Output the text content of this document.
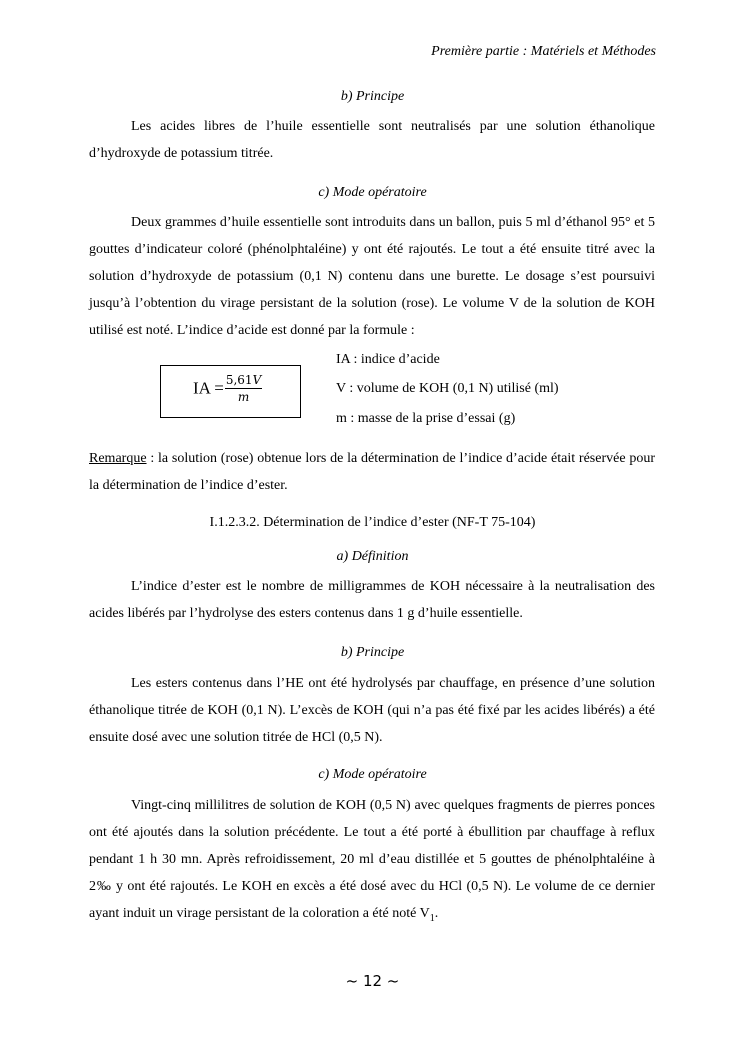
Première partie : Matériels et Méthodes
b) Principe
Les acides libres de l’huile essentielle sont neutralisés par une solution éthanolique d’hydroxyde de potassium titrée.
c) Mode opératoire
Deux grammes d’huile essentielle sont introduits dans un ballon, puis 5 ml d’éthanol 95° et 5 gouttes d’indicateur coloré (phénolphtaléine) y ont été rajoutés. Le tout a été ensuite titré avec la solution d’hydroxyde de potassium (0,1 N) contenu dans une burette. Le dosage s’est poursuivi jusqu’à l’obtention du virage persistant de la solution (rose). Le volume V de la solution de KOH utilisé est noté. L’indice d’acide est donné par la formule :
IA = $\frac{5,61V}{m}$
IA : indice d’acide
V : volume de KOH (0,1 N) utilisé (ml)
m : masse de la prise d’essai (g)
Remarque : la solution (rose) obtenue lors de la détermination de l’indice d’acide était réservée pour la détermination de l’indice d’ester.
I.1.2.3.2. Détermination de l’indice d’ester (NF-T 75-104)
a) Définition
L’indice d’ester est le nombre de milligrammes de KOH nécessaire à la neutralisation des acides libérés par l’hydrolyse des esters contenus dans 1 g d’huile essentielle.
b) Principe
Les esters contenus dans l’HE ont été hydrolysés par chauffage, en présence d’une solution éthanolique titrée de KOH (0,1 N). L’excès de KOH (qui n’a pas été fixé par les acides libérés) a été ensuite dosé avec une solution titrée de HCl (0,5 N).
c) Mode opératoire
Vingt-cinq millilitres de solution de KOH (0,5 N) avec quelques fragments de pierres ponces ont été ajoutés dans la solution précédente. Le tout a été porté à ébullition par chauffage à reflux pendant 1 h 30 mn. Après refroidissement, 20 ml d’eau distillée et 5 gouttes de phénolphtaléine à 2‰ y ont été rajoutés. Le KOH en excès a été dosé avec du HCl (0,5 N). Le volume de ce dernier ayant induit un virage persistant de la coloration a été noté $V_1$.
~ 12 ~
